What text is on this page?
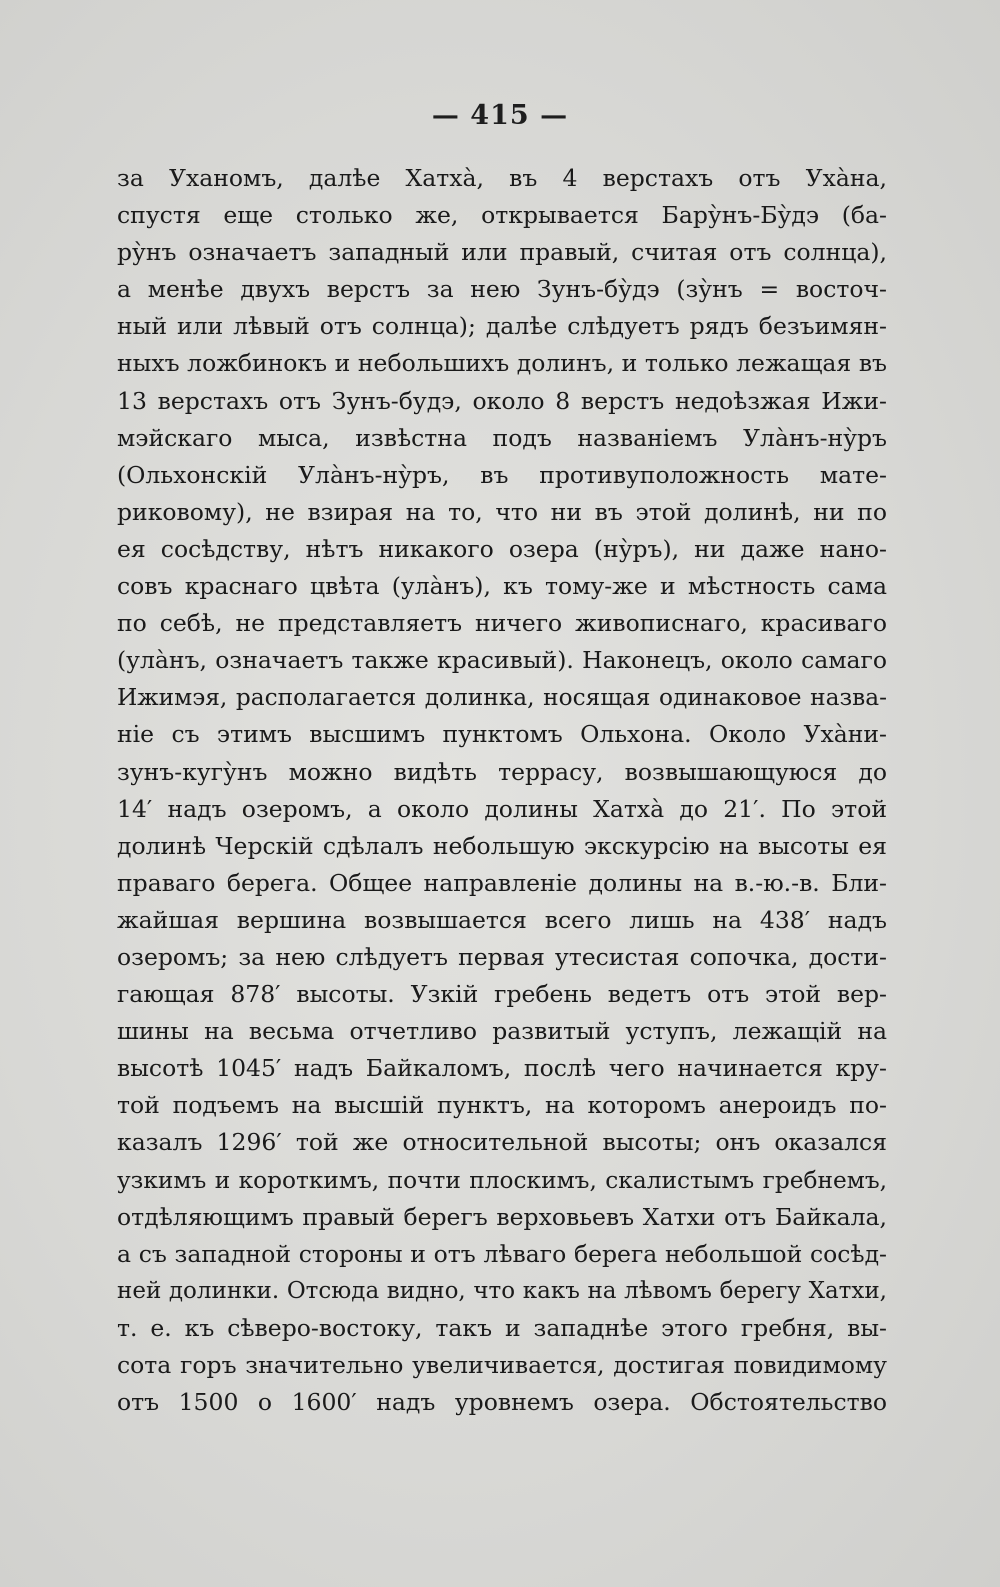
— 415 —
за Уханомъ, далѣе Хатха̀, въ 4 верстахъ отъ Уха̀на,
спустя еще столько же, открывается Бару̀нъ-Бу̀дэ (ба-
ру̀нъ означаетъ западный или правый, считая отъ солнца),
а менѣе двухъ верстъ за нею Зунъ-бу̀дэ (зу̀нъ = восточ-
ный или лѣвый отъ солнца); далѣе слѣдуетъ рядъ безъимян-
ныхъ ложбинокъ и небольшихъ долинъ, и только лежащая въ
13 верстахъ отъ Зунъ-будэ, около 8 верстъ недоѣзжая Ижи-
мэйскаго мыса, извѣстна подъ названіемъ Ула̀нъ-ну̀ръ
(Ольхонскій Ула̀нъ-ну̀ръ, въ противуположность мате-
риковому), не взирая на то, что ни въ этой долинѣ, ни по
ея сосѣдству, нѣтъ никакого озера (ну̀ръ), ни даже нано-
совъ краснаго цвѣта (ула̀нъ), къ тому-же и мѣстность сама
по себѣ, не представляетъ ничего живописнаго, красиваго
(ула̀нъ, означаетъ также красивый). Наконецъ, около самаго
Ижимэя, располагается долинка, носящая одинаковое назва-
ніе съ этимъ высшимъ пунктомъ Ольхона. Около Уха̀ни-
зунъ-кугу̀нъ можно видѣть террасу, возвышающуюся до
14′ надъ озеромъ, а около долины Хатха̀ до 21′. По этой
долинѣ Черскій сдѣлалъ небольшую экскурсію на высоты ея
праваго берега. Общее направленіе долины на в.-ю.-в. Бли-
жайшая вершина возвышается всего лишь на 438′ надъ
озеромъ; за нею слѣдуетъ первая утесистая сопочка, дости-
гающая 878′ высоты. Узкій гребень ведетъ отъ этой вер-
шины на весьма отчетливо развитый уступъ, лежащій на
высотѣ 1045′ надъ Байкаломъ, послѣ чего начинается кру-
той подъемъ на высшій пунктъ, на которомъ анероидъ по-
казалъ 1296′ той же относительной высоты; онъ оказался
узкимъ и короткимъ, почти плоскимъ, скалистымъ гребнемъ,
отдѣляющимъ правый берегъ верховьевъ Хатхи отъ Байкала,
а съ западной стороны и отъ лѣваго берега небольшой сосѣд-
ней долинки. Отсюда видно, что какъ на лѣвомъ берегу Хатхи,
т. е. къ сѣверо-востоку, такъ и западнѣе этого гребня, вы-
сота горъ значительно увеличивается, достигая повидимому
отъ 1500 о 1600′ надъ уровнемъ озера. Обстоятельство
